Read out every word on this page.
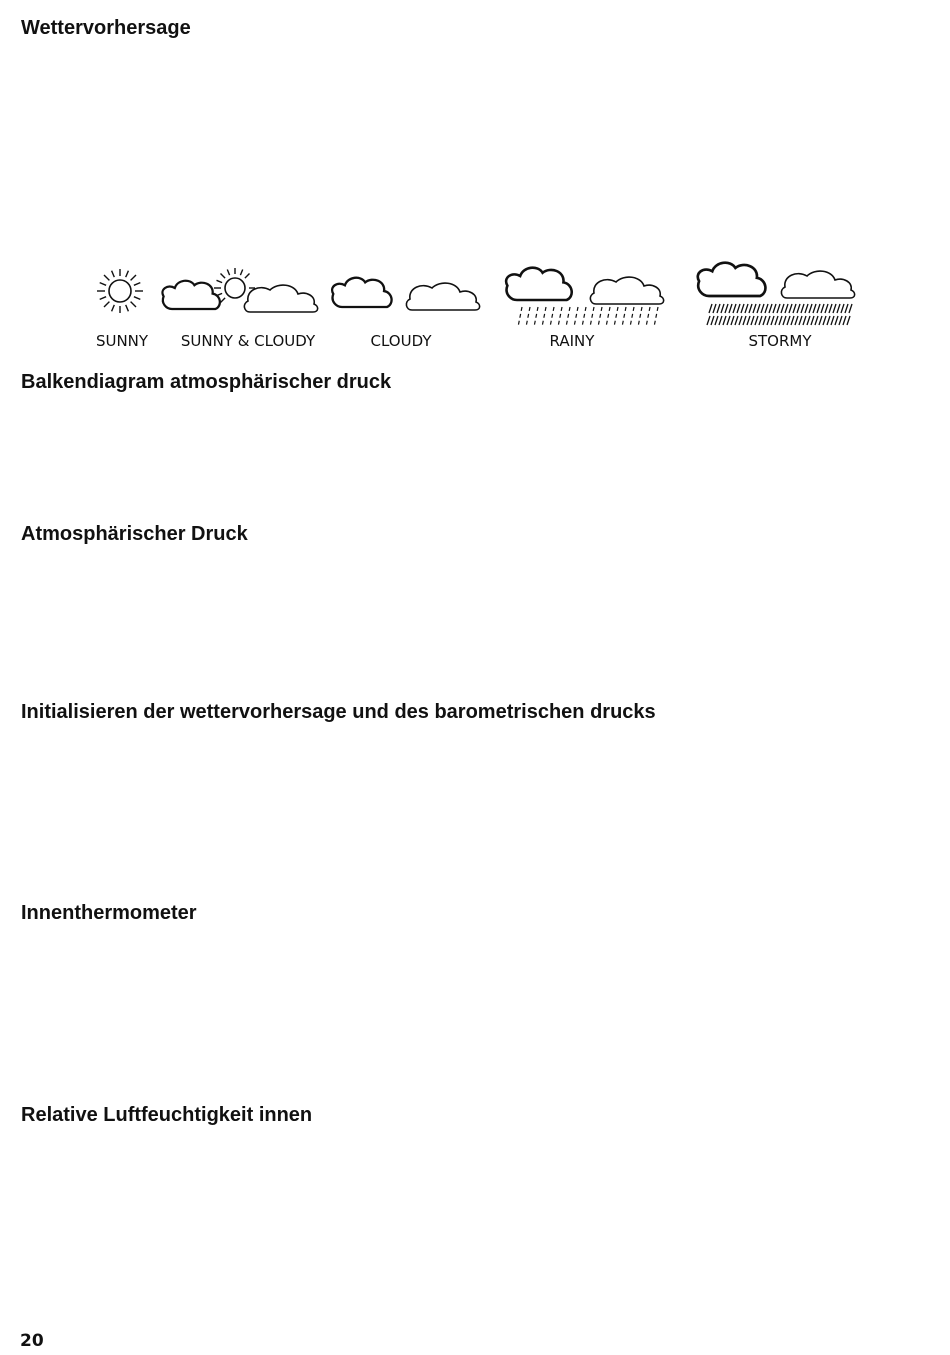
Wettervorhersage
SUNNY SUNNY & CLOUDY	CLOUDY	RAINY	STORMY
Balkendiagram atmosphärischer druck
Atmosphärischer Druck
Initialisieren der wettervorhersage und des barometrischen drucks
Innenthermometer
Relative Luftfeuchtigkeit innen
20
